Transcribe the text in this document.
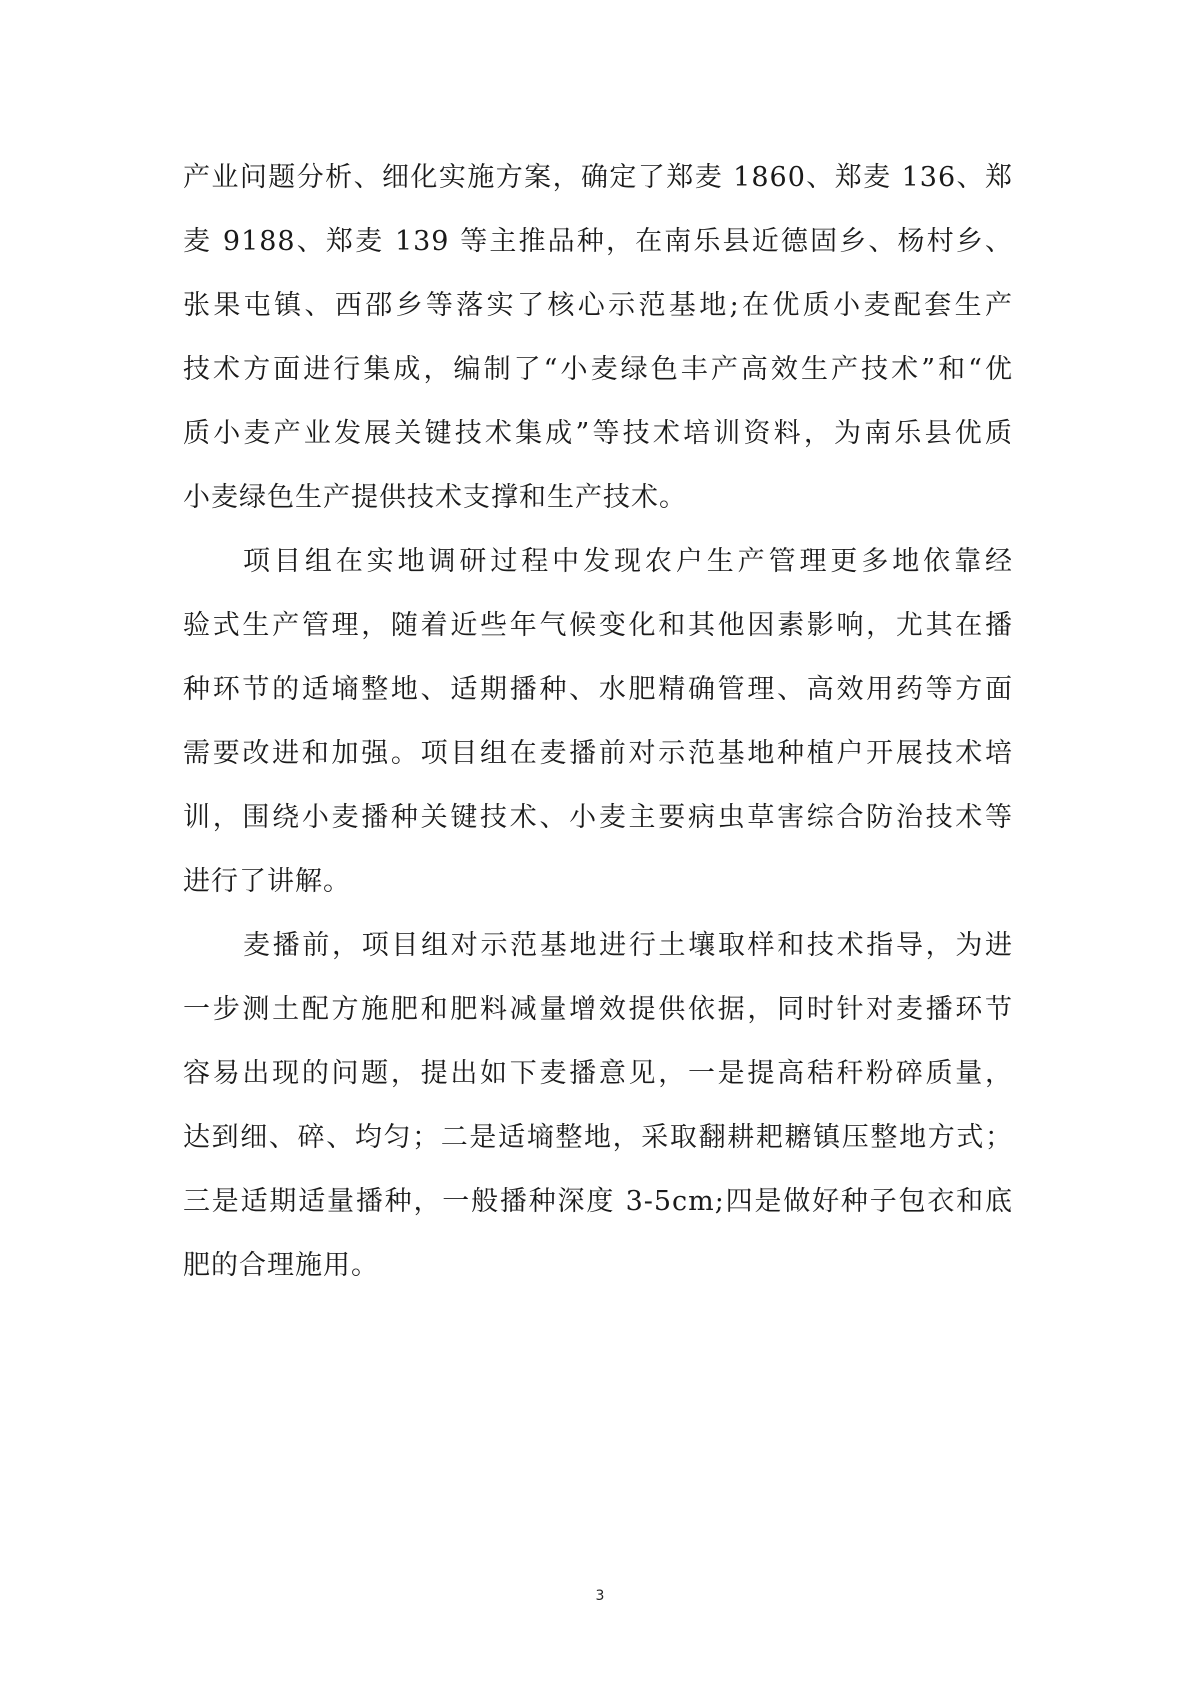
产业问题分析、细化实施方案，确定了郑麦 1860、郑麦 136、郑
麦 9188、郑麦 139 等主推品种，在南乐县近德固乡、杨村乡、
张果屯镇、西邵乡等落实了核心示范基地;在优质小麦配套生产
技术方面进行集成，编制了“小麦绿色丰产高效生产技术”和“优
质小麦产业发展关键技术集成”等技术培训资料，为南乐县优质
小麦绿色生产提供技术支撑和生产技术。
项目组在实地调研过程中发现农户生产管理更多地依靠经
验式生产管理，随着近些年气候变化和其他因素影响，尤其在播
种环节的适墒整地、适期播种、水肥精确管理、高效用药等方面
需要改进和加强。项目组在麦播前对示范基地种植户开展技术培
训，围绕小麦播种关键技术、小麦主要病虫草害综合防治技术等
进行了讲解。
麦播前，项目组对示范基地进行土壤取样和技术指导，为进
一步测土配方施肥和肥料减量增效提供依据，同时针对麦播环节
容易出现的问题，提出如下麦播意见，一是提高秸秆粉碎质量，
达到细、碎、均匀；二是适墒整地，采取翻耕耙耱镇压整地方式；
三是适期适量播种，一般播种深度 3-5cm;四是做好种子包衣和底
肥的合理施用。
3
